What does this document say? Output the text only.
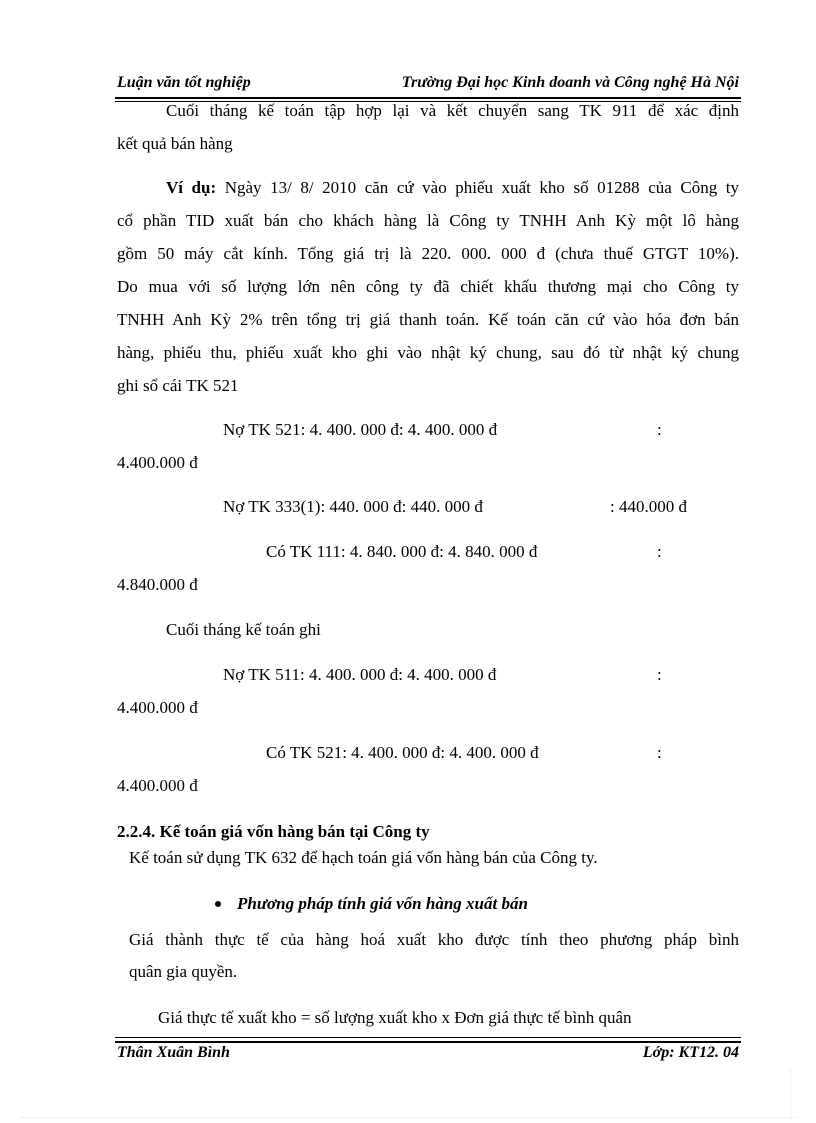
Luận văn tốt nghiệp	Trường Đại học Kinh doanh và Công nghệ Hà Nội
Cuối tháng kế toán tập hợp lại và kết chuyển sang TK 911 để xác định
kết quả bán hàng
Ví dụ: Ngày 13/ 8/ 2010 căn cứ vào phiếu xuất kho số 01288 của Công ty
cổ phần TID xuất bán cho khách hàng là Công ty TNHH Anh Kỳ một lô hàng
gồm 50 máy cắt kính. Tổng giá trị là 220. 000. 000 đ (chưa thuế GTGT 10%).
Do mua với số lượng lớn nên công ty đã chiết khấu thương mại cho Công ty
TNHH Anh Kỳ 2% trên tổng trị giá thanh toán. Kế toán căn cứ vào hóa đơn bán
hàng, phiếu thu, phiếu xuất kho ghi vào nhật ký chung, sau đó từ nhật ký chung
ghi sổ cái TK 521
Nợ TK 521: 4. 400. 000 đ: 4. 400. 000 đ	:
4.400.000 đ
Nợ TK 333(1): 440. 000 đ: 440. 000 đ	: 440.000 đ
Có TK 111: 4. 840. 000 đ: 4. 840. 000 đ	:
4.840.000 đ
Cuối tháng kế toán ghi
Nợ TK 511: 4. 400. 000 đ: 4. 400. 000 đ	:
4.400.000 đ
Có TK 521: 4. 400. 000 đ: 4. 400. 000 đ	:
4.400.000 đ
2.2.4. Kế toán giá vốn hàng bán tại Công ty
Kế toán sử dụng TK 632 để hạch toán giá vốn hàng bán của Công ty.
Phương pháp tính giá vốn hàng xuất bán
Giá thành thực tế của hàng hoá xuất kho được tính theo phương pháp bình
quân gia quyền.
Giá thực tế xuất kho = số lượng xuất kho x Đơn giá thực tế bình quân
Thân Xuân Bình	Lớp: KT12. 04
